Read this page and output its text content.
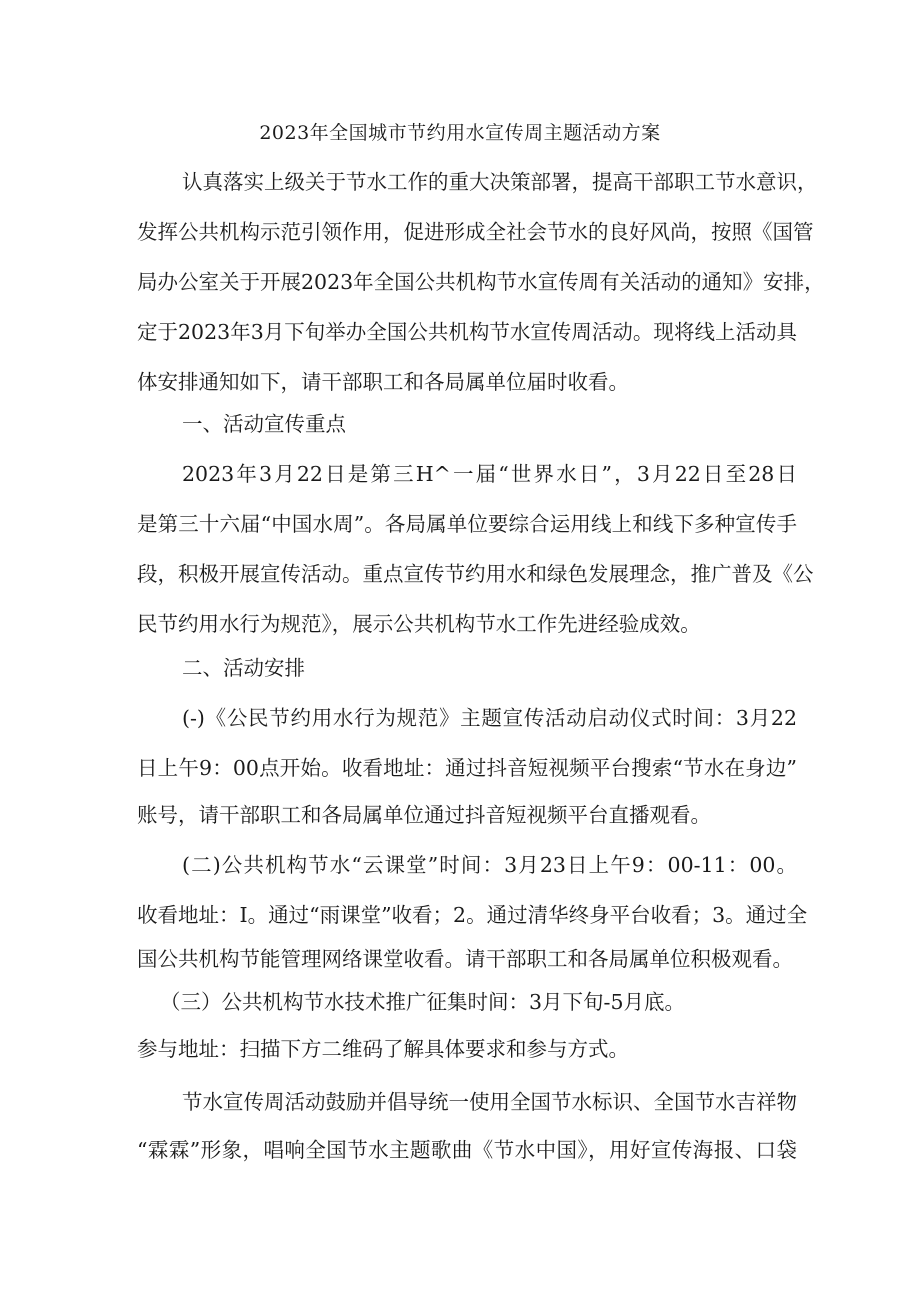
2023年全国城市节约用水宣传周主题活动方案
认真落实上级关于节水工作的重大决策部署，提高干部职工节水意识，
发挥公共机构示范引领作用，促进形成全社会节水的良好风尚，按照《国管
局办公室关于开展2023年全国公共机构节水宣传周有关活动的通知》安排，
定于2023年3月下旬举办全国公共机构节水宣传周活动。现将线上活动具
体安排通知如下，请干部职工和各局属单位届时收看。
一、活动宣传重点
2023年3月22日是第三H^一届“世界水日”，3月22日至28日
是第三十六届“中国水周”。各局属单位要综合运用线上和线下多种宣传手
段，积极开展宣传活动。重点宣传节约用水和绿色发展理念，推广普及《公
民节约用水行为规范》，展示公共机构节水工作先进经验成效。
二、活动安排
(-)《公民节约用水行为规范》主题宣传活动启动仪式时间：3月22
日上午9：00点开始。收看地址：通过抖音短视频平台搜索“节水在身边”
账号，请干部职工和各局属单位通过抖音短视频平台直播观看。
(二)公共机构节水“云课堂”时间：3月23日上午9：00-11：00。
收看地址：I。通过“雨课堂”收看；2。通过清华终身平台收看；3。通过全
国公共机构节能管理网络课堂收看。请干部职工和各局属单位积极观看。
（三）公共机构节水技术推广征集时间：3月下旬-5月底。
参与地址：扫描下方二维码了解具体要求和参与方式。
节水宣传周活动鼓励并倡导统一使用全国节水标识、全国节水吉祥物
“霖霖”形象，唱响全国节水主题歌曲《节水中国》，用好宣传海报、口袋
